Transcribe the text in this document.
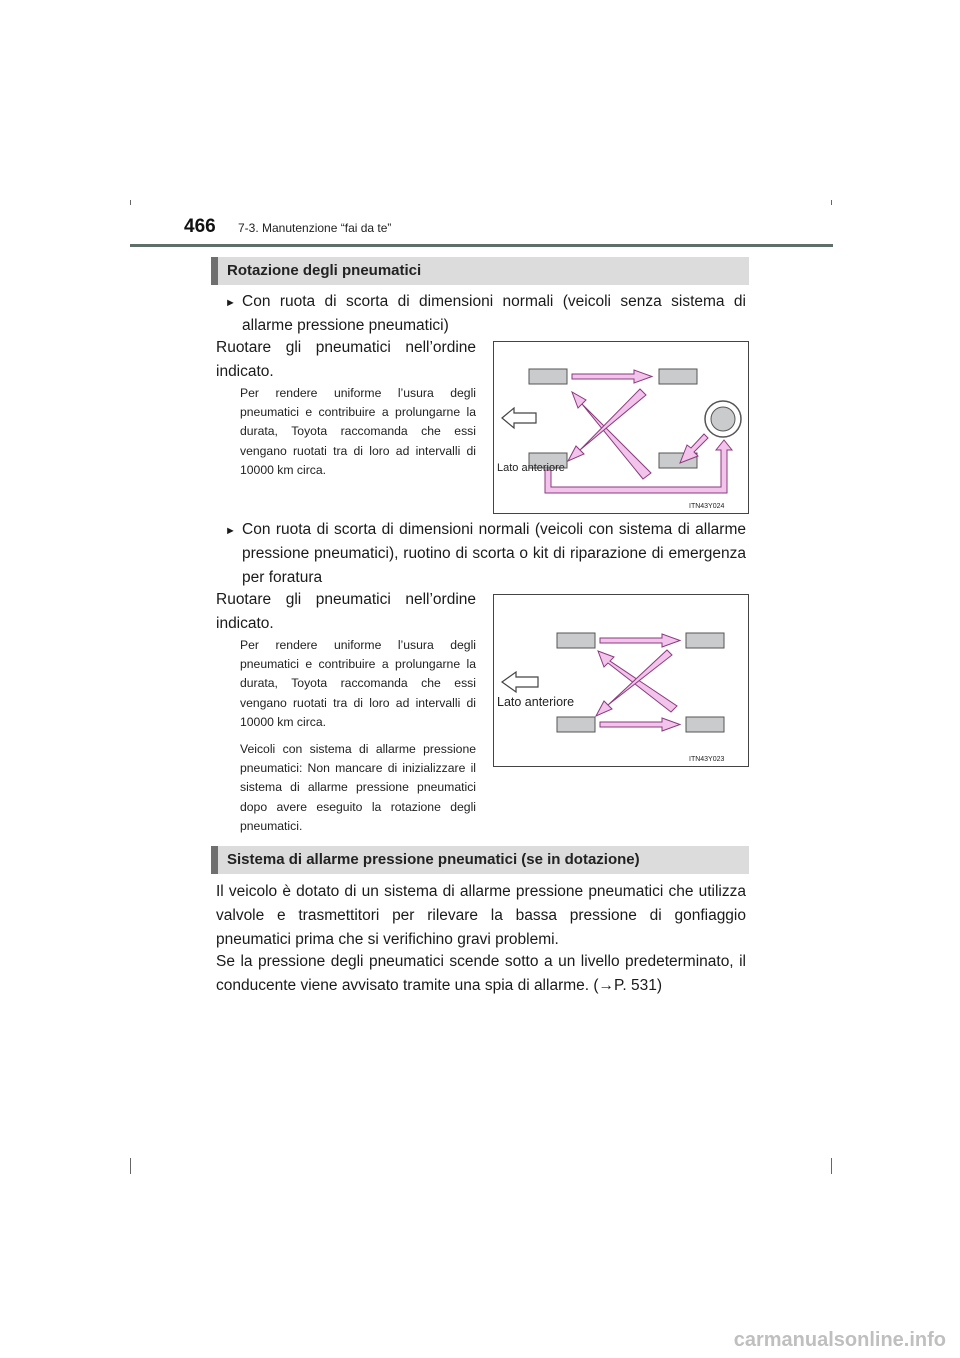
466 7-3. Manutenzione “fai da te”
Rotazione degli pneumatici
► Con ruota di scorta di dimensioni normali (veicoli senza sistema di allarme pressione pneumatici)
Ruotare gli pneumatici nell’ordine indicato.
Per rendere uniforme l’usura degli pneumatici e contribuire a prolungarne la durata, Toyota raccomanda che essi vengano ruotati tra di loro ad intervalli di 10000 km circa.	Lato anteriore
ITN43Y024
► Con ruota di scorta di dimensioni normali (veicoli con sistema di allarme pressione pneumatici), ruotino di scorta o kit di riparazione di emergenza per foratura
Ruotare gli pneumatici nell’ordine indicato.
Per rendere uniforme l’usura degli pneumatici e contribuire a prolungarne la durata, Toyota raccomanda che essi vengano ruotati tra di loro ad intervalli di 10000 km circa.
Veicoli con sistema di allarme pressione pneumatici: Non mancare di inizializzare il sistema di allarme pressione pneumatici dopo avere eseguito la rotazione degli pneumatici.
Lato anteriore
ITN43Y023
Sistema di allarme pressione pneumatici (se in dotazione)
Il veicolo è dotato di un sistema di allarme pressione pneumatici che utilizza valvole e trasmettitori per rilevare la bassa pressione di gonfiaggio pneumatici prima che si verifichino gravi problemi.
Se la pressione degli pneumatici scende sotto a un livello predeterminato, il conducente viene avvisato tramite una spia di allarme. (→P. 531)
carmanualsonline.info
